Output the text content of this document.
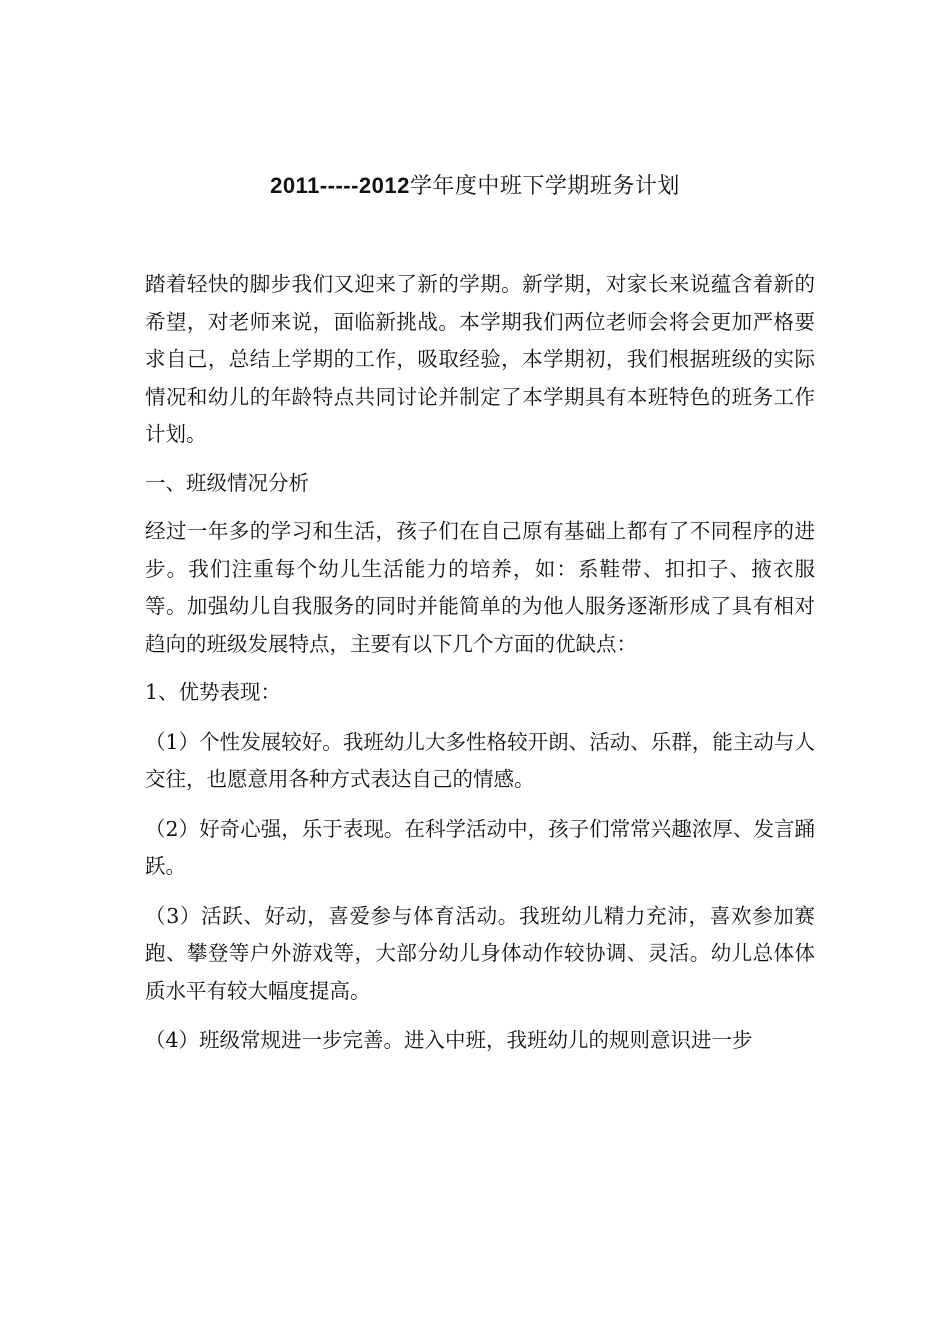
2011-----2012学年度中班下学期班务计划

踏着轻快的脚步我们又迎来了新的学期。新学期，对家长来说蕴含着新的希望，对老师来说，面临新挑战。本学期我们两位老师会将会更加严格要求自己，总结上学期的工作，吸取经验，本学期初，我们根据班级的实际情况和幼儿的年龄特点共同讨论并制定了本学期具有本班特色的班务工作计划。

一、班级情况分析

经过一年多的学习和生活，孩子们在自己原有基础上都有了不同程序的进步。我们注重每个幼儿生活能力的培养，如：系鞋带、扣扣子、掖衣服等。加强幼儿自我服务的同时并能简单的为他人服务逐渐形成了具有相对趋向的班级发展特点，主要有以下几个方面的优缺点：

1、优势表现：

（1）个性发展较好。我班幼儿大多性格较开朗、活动、乐群，能主动与人交往，也愿意用各种方式表达自己的情感。

（2）好奇心强，乐于表现。在科学活动中，孩子们常常兴趣浓厚、发言踊跃。

（3）活跃、好动，喜爱参与体育活动。我班幼儿精力充沛，喜欢参加赛跑、攀登等户外游戏等，大部分幼儿身体动作较协调、灵活。幼儿总体体质水平有较大幅度提高。

（4）班级常规进一步完善。进入中班，我班幼儿的规则意识进一步
